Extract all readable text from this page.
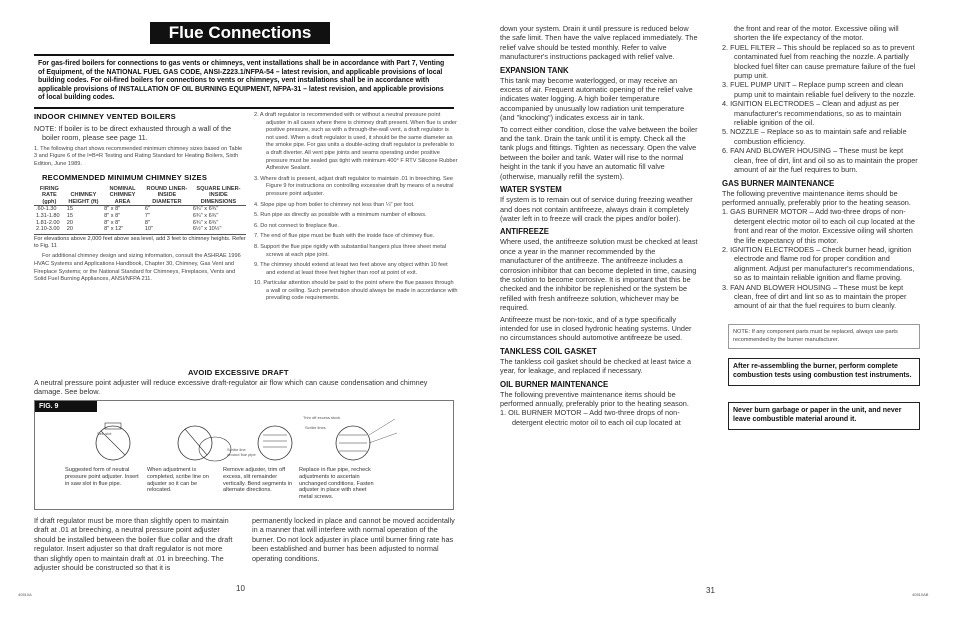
Flue Connections
For gas-fired boilers for connections to gas vents or chimneys, vent installations shall be in accordance with Part 7, Venting of Equipment, of the NATIONAL FUEL GAS CODE, ANSI-Z223.1/NFPA-54 – latest revision, and applicable provisions of local building codes. For oil-fired boilers for connections to vents or chimneys, vent installations shall be in accordance with applicable provisions of INSTALLATION OF OIL BURNING EQUIPMENT, NFPA-31 – latest revision, and applicable provisions of local building codes.
INDOOR CHIMNEY VENTED BOILERS
NOTE: If boiler is to be direct exhausted through a wall of the boiler room, please see page 11.
1. The following chart shows recommended minimum chimney sizes based on Table 3 and Figure 6 of the I=B=R Testing and Rating Standard for Heating Boilers, Sixth Edition, June 1989.
RECOMMENDED MINIMUM CHIMNEY SIZES
FIRING RATE (gph)	CHIMNEY HEIGHT (ft)	NOMINAL CHIMNEY AREA	ROUND LINER-INSIDE DIAMETER	SQUARE LINER-INSIDE DIMENSIONS
.60-1.30	15	8" x 8"	6"	6¾" x 6¾"
1.31-1.80	15	8" x 8"	7"	6¾" x 6¾"
1.81-2.00	20	8" x 8"	8"	6¾" x 6¾"
2.10-3.00	20	8" x 12"	10"	6½" x 10½"
For elevations above 2,000 feet above sea level, add 3 feet to chimney heights. Refer to Fig. 11
For additional chimney design and sizing information, consult the ASHRAE 1996 HVAC Systems and Applications Handbook, Chapter 30, Chimney, Gas Vent and Fireplace Systems; or the National Standard for Chimneys, Fireplaces, Vents and Solid Fuel Burning Appliances, ANSI/NFPA 211.
2. A draft regulator is recommended with or without a neutral pressure point adjuster in all cases where there is chimney draft present. When flue is under positive pressure, such as with a through-the-wall vent, a draft regulator is not used. When a draft regulator is used, it should be the same diameter as the smoke pipe. For gas units a double-acting draft regulator is preferable to a draft diverter. All vent pipe joints and seams operating under positive pressure must be sealed gas tight with minimum 400° F RTV Silicone Rubber Adhesive Sealant.
3. Where draft is present, adjust draft regulator to maintain .01 in breeching. See Figure 9 for instructions on controlling excessive draft by means of a neutral pressure point adjuster.
4. Slope pipe up from boiler to chimney not less than ¼" per foot.
5. Run pipe as directly as possible with a minimum number of elbows.
6. Do not connect to fireplace flue.
7. The end of flue pipe must be flush with the inside face of chimney flue.
8. Support the flue pipe rigidly with substantial hangers plus three sheet metal screws at each pipe joint.
9. The chimney should extend at least two feet above any object within 10 feet and extend at least three feet higher than roof at point of exit.
10. Particular attention should be paid to the point where the flue passes through a wall or ceiling. Such penetration should always be made in accordance with prevailing code requirements.
AVOID EXCESSIVE DRAFT
A neutral pressure point adjuster will reduce excessive draft-regulator air flow which can cause condensation and chimney damage. See below.
FIG. 9
See slot
Scribe line around flue pipe
Trim off excess stock
Scribe lines
Suggested form of neutral pressure point adjuster. Insert in saw slot in flue pipe.
When adjustment is completed, scribe line on adjuster so it can be relocated.
Remove adjuster, trim off excess, slit remainder vertically. Bend segments in alternate directions.
Replace in flue pipe, recheck adjustments to ascertain unchanged conditions. Fasten adjuster in place with sheet metal screws.
If draft regulator must be more than slightly open to maintain draft at .01 at breeching, a neutral pressure point adjuster should be installed between the boiler flue collar and the draft regulator. Insert adjuster so that draft regulator is not more than slightly open to maintain draft at .01 in breeching. The adjuster should be constructed so that it is
permanently locked in place and cannot be moved accidentally in a manner that will interfere with normal operation of the burner. Do not lock adjuster in place until burner firing rate has been established and burner has been adjusted to normal operating conditions.
10
40510A
down your system. Drain it until pressure is reduced below the safe limit. Then have the valve replaced immediately. The relief valve should be tested monthly. Refer to valve manufacturer's instructions packaged with relief valve.
EXPANSION TANK
This tank may become waterlogged, or may receive an excess of air. Frequent automatic opening of the relief valve indicates water logging. A high boiler temperature accompanied by unusually low radiation unit temperature (and "knocking") indicates excess air in tank.
To correct either condition, close the valve between the boiler and the tank. Drain the tank until it is empty. Check all the tank plugs and fittings. Tighten as necessary. Open the valve between the boiler and tank. Water will rise to the normal height in the tank if you have an automatic fill valve (otherwise, manually refill the system).
WATER SYSTEM
If system is to remain out of service during freezing weather and does not contain antifreeze, always drain it completely (water left in to freeze will crack the pipes and/or boiler).
ANTIFREEZE
Where used, the antifreeze solution must be checked at least once a year in the manner recommended by the manufacturer of the antifreeze. The antifreeze includes a corrosion inhibitor that can become depleted in time, causing the solution to become corrosive. It is important that this be checked and the inhibitor be replenished or the system be refilled with fresh antifreeze solution, whichever may be required.
Antifreeze must be non-toxic, and of a type specifically intended for use in closed hydronic heating systems. Under no circumstances should automotive antifreeze be used.
TANKLESS COIL GASKET
The tankless coil gasket should be checked at least twice a year, for leakage, and replaced if necessary.
OIL BURNER MAINTENANCE
The following preventive maintenance items should be performed annually, preferably prior to the heating season.
1. OIL BURNER MOTOR – Add two-three drops of non-detergent electric motor oil to each oil cup located at
the front and rear of the motor. Excessive oiling will shorten the life expectancy of the motor.
2. FUEL FILTER – This should be replaced so as to prevent contaminated fuel from reaching the nozzle. A partially blocked fuel filter can cause premature failure of the fuel pump unit.
3. FUEL PUMP UNIT – Replace pump screen and clean pump unit to maintain reliable fuel delivery to the nozzle.
4. IGNITION ELECTRODES – Clean and adjust as per manufacturer's recommendations, so as to maintain reliable ignition of the oil.
5. NOZZLE – Replace so as to maintain safe and reliable combustion efficiency.
6. FAN AND BLOWER HOUSING – These must be kept clean, free of dirt, lint and oil so as to maintain the proper amount of air the fuel requires to burn.
GAS BURNER MAINTENANCE
The following preventive maintenance items should be performed annually, preferably prior to the heating season.
1. GAS BURNER MOTOR – Add two-three drops of non-detergent electric motor oil to each oil cup located at the front and rear of the motor. Excessive oiling will shorten the life expectancy of this motor.
2. IGNITION ELECTRODES – Check burner head, ignition electrode and flame rod for proper condition and alignment. Adjust per manufacturer's recommendations, so as to maintain reliable ignition and flame proving.
3. FAN AND BLOWER HOUSING – These must be kept clean, free of dirt and lint so as to maintain the proper amount of air that the fuel requires to burn cleanly.
NOTE: If any component parts must be replaced, always use parts recommended by the burner manufacturer.
After re-assembling the burner, perform complete combustion tests using combustion test instruments.
Never burn garbage or paper in the unit, and never leave combustible material around it.
31	40510AB
